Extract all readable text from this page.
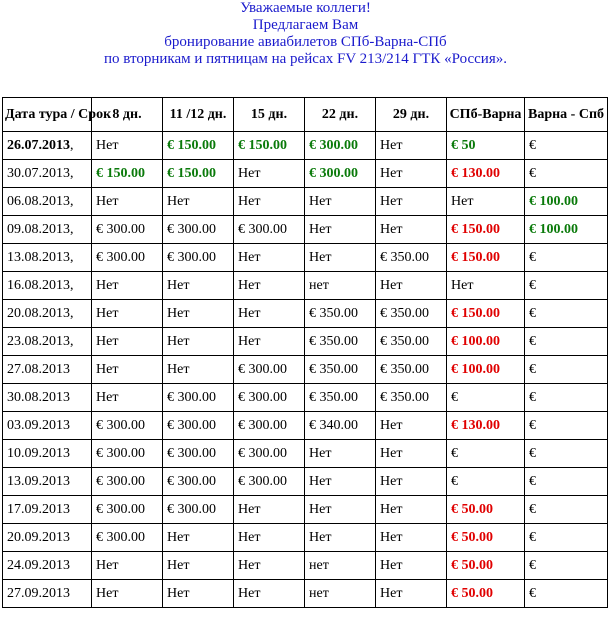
Уважаемые коллеги!
Предлагаем Вам
бронирование авиабилетов СПб-Варна-СПб
по вторникам и пятницам на рейсах FV 213/214 ГТК «Россия».
Дата тура / Срок	8 дн.	11 /12 дн.	15 дн.	22 дн.	29 дн.	СПб-Варна	Варна - Спб
26.07.2013,	Нет	€ 150.00	€ 150.00	€ 300.00	Нет	€ 50	€
30.07.2013,	€ 150.00	€ 150.00	Нет	€ 300.00	Нет	€ 130.00	€
06.08.2013,	Нет	Нет	Нет	Нет	Нет	Нет	€ 100.00
09.08.2013,	€ 300.00	€ 300.00	€ 300.00	Нет	Нет	€ 150.00	€ 100.00
13.08.2013,	€ 300.00	€ 300.00	Нет	Нет	€ 350.00	€ 150.00	€
16.08.2013,	Нет	Нет	Нет	нет	Нет	Нет	€
20.08.2013,	Нет	Нет	Нет	€ 350.00	€ 350.00	€ 150.00	€
23.08.2013,	Нет	Нет	Нет	€ 350.00	€ 350.00	€ 100.00	€
27.08.2013	Нет	Нет	€ 300.00	€ 350.00	€ 350.00	€ 100.00	€
30.08.2013	Нет	€ 300.00	€ 300.00	€ 350.00	€ 350.00	€	€
03.09.2013	€ 300.00	€ 300.00	€ 300.00	€ 340.00	Нет	€ 130.00	€
10.09.2013	€ 300.00	€ 300.00	€ 300.00	Нет	Нет	€	€
13.09.2013	€ 300.00	€ 300.00	€ 300.00	Нет	Нет	€	€
17.09.2013	€ 300.00	€ 300.00	Нет	Нет	Нет	€ 50.00	€
20.09.2013	€ 300.00	Нет	Нет	Нет	Нет	€ 50.00	€
24.09.2013	Нет	Нет	Нет	нет	Нет	€ 50.00	€
27.09.2013	Нет	Нет	Нет	нет	Нет	€ 50.00	€
